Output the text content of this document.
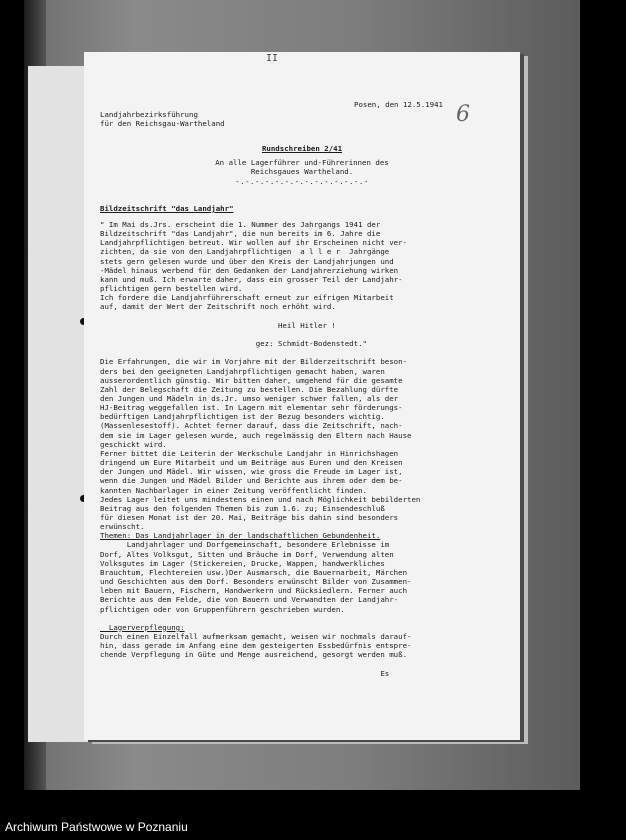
II
6
Posen, den 12.5.1941
Landjahrbezirksführung
für den Reichsgau-Wartheland
Rundschreiben 2/41
An alle Lagerführer und-Führerinnen des
Reichsgaues Wartheland.
-.-.-.-.-.-.-.-.-.-.-.-.-.-
Bildzeitschrift "das Landjahr"
" Im Mai ds.Jrs. erscheint die 1. Nummer des Jahrgangs 1941 der
Bildzeitschrift "das Landjahr", die nun bereits im 6. Jahre die
Landjahrpflichtigen betreut. Wir wollen auf ihr Erscheinen nicht ver-
zichten, da sie von den Landjahrpflichtigen  a l l e r  Jahrgänge
stets gern gelesen wurde und über den Kreis der Landjahrjungen und
-Mädel hinaus werbend für den Gedanken der Landjahrerziehung wirken
kann und muß. Ich erwarte daher, dass ein grosser Teil der Landjahr-
pflichtigen gern bestellen wird.
Ich fordere die Landjahrführerschaft erneut zur eifrigen Mitarbeit
auf, damit der Wert der Zeitschrift noch erhöht wird.

Heil Hitler !

gez: Schmidt-Bodenstedt."

Die Erfahrungen, die wir im Vorjahre mit der Bilderzeitschrift beson-
ders bei den geeigneten Landjahrpflichtigen gemacht haben, waren
ausserordentlich günstig. Wir bitten daher, umgehend für die gesamte
Zahl der Belegschaft die Zeitung zu bestellen. Die Bezahlung dürfte
den Jungen und Mädeln in ds.Jr. umso weniger schwer fallen, als der
HJ-Beitrag weggefallen ist. In Lagern mit elementar sehr förderungs-
bedürftigen Landjahrpflichtigen ist der Bezug besonders wichtig.
(Massenlesestoff). Achtet ferner darauf, dass die Zeitschrift, nach-
dem sie im Lager gelesen wurde, auch regelmässig den Eltern nach Hause
geschickt wird.
Ferner bittet die Leiterin der Werkschule Landjahr in Hinrichshagen
dringend um Eure Mitarbeit und um Beiträge aus Euren und den Kreisen
der Jungen und Mädel. Wir wissen, wie gross die Freude im Lager ist,
wenn die Jungen und Mädel Bilder und Berichte aus ihrem oder dem be-
kannten Nachbarlager in einer Zeitung veröffentlicht finden.
Jedes Lager leitet uns mindestens einen und nach Möglichkeit bebilderten
Beitrag aus den folgenden Themen bis zum 1.6. zu; Einsendeschluß
für diesen Monat ist der 20. Mai, Beiträge bis dahin sind besonders
erwünscht.
Themen: Das Landjahrlager in der landschaftlichen Gebundenheit.
Landjahrlager und Dorfgemeinschaft, besondere Erlebnisse im
Dorf, Altes Volksgut, Sitten und Bräuche im Dorf, Verwendung alten
Volksgutes im Lager (Stickereien, Drucke, Wappen, handwerkliches
Brauchtum, Flechtereien usw.)Der Ausmarsch, die Bauernarbeit, Märchen
und Geschichten aus dem Dorf. Besonders erwünscht Bilder von Zusammen-
leben mit Bauern, Fischern, Handwerkern und Rücksiedlern. Ferner auch
Berichte aus dem Felde, die von Bauern und Verwandten der Landjahr-
pflichtigen oder von Gruppenführern geschrieben wurden.

Lagerverpflegung:
Durch einen Einzelfall aufmerksam gemacht, weisen wir nochmals darauf-
hin, dass gerade im Anfang eine dem gesteigerten Essbedürfnis entspre-
chende Verpflegung in Güte und Menge ausreichend, gesorgt werden muß.

Es
Archiwum Państwowe w Poznaniu
